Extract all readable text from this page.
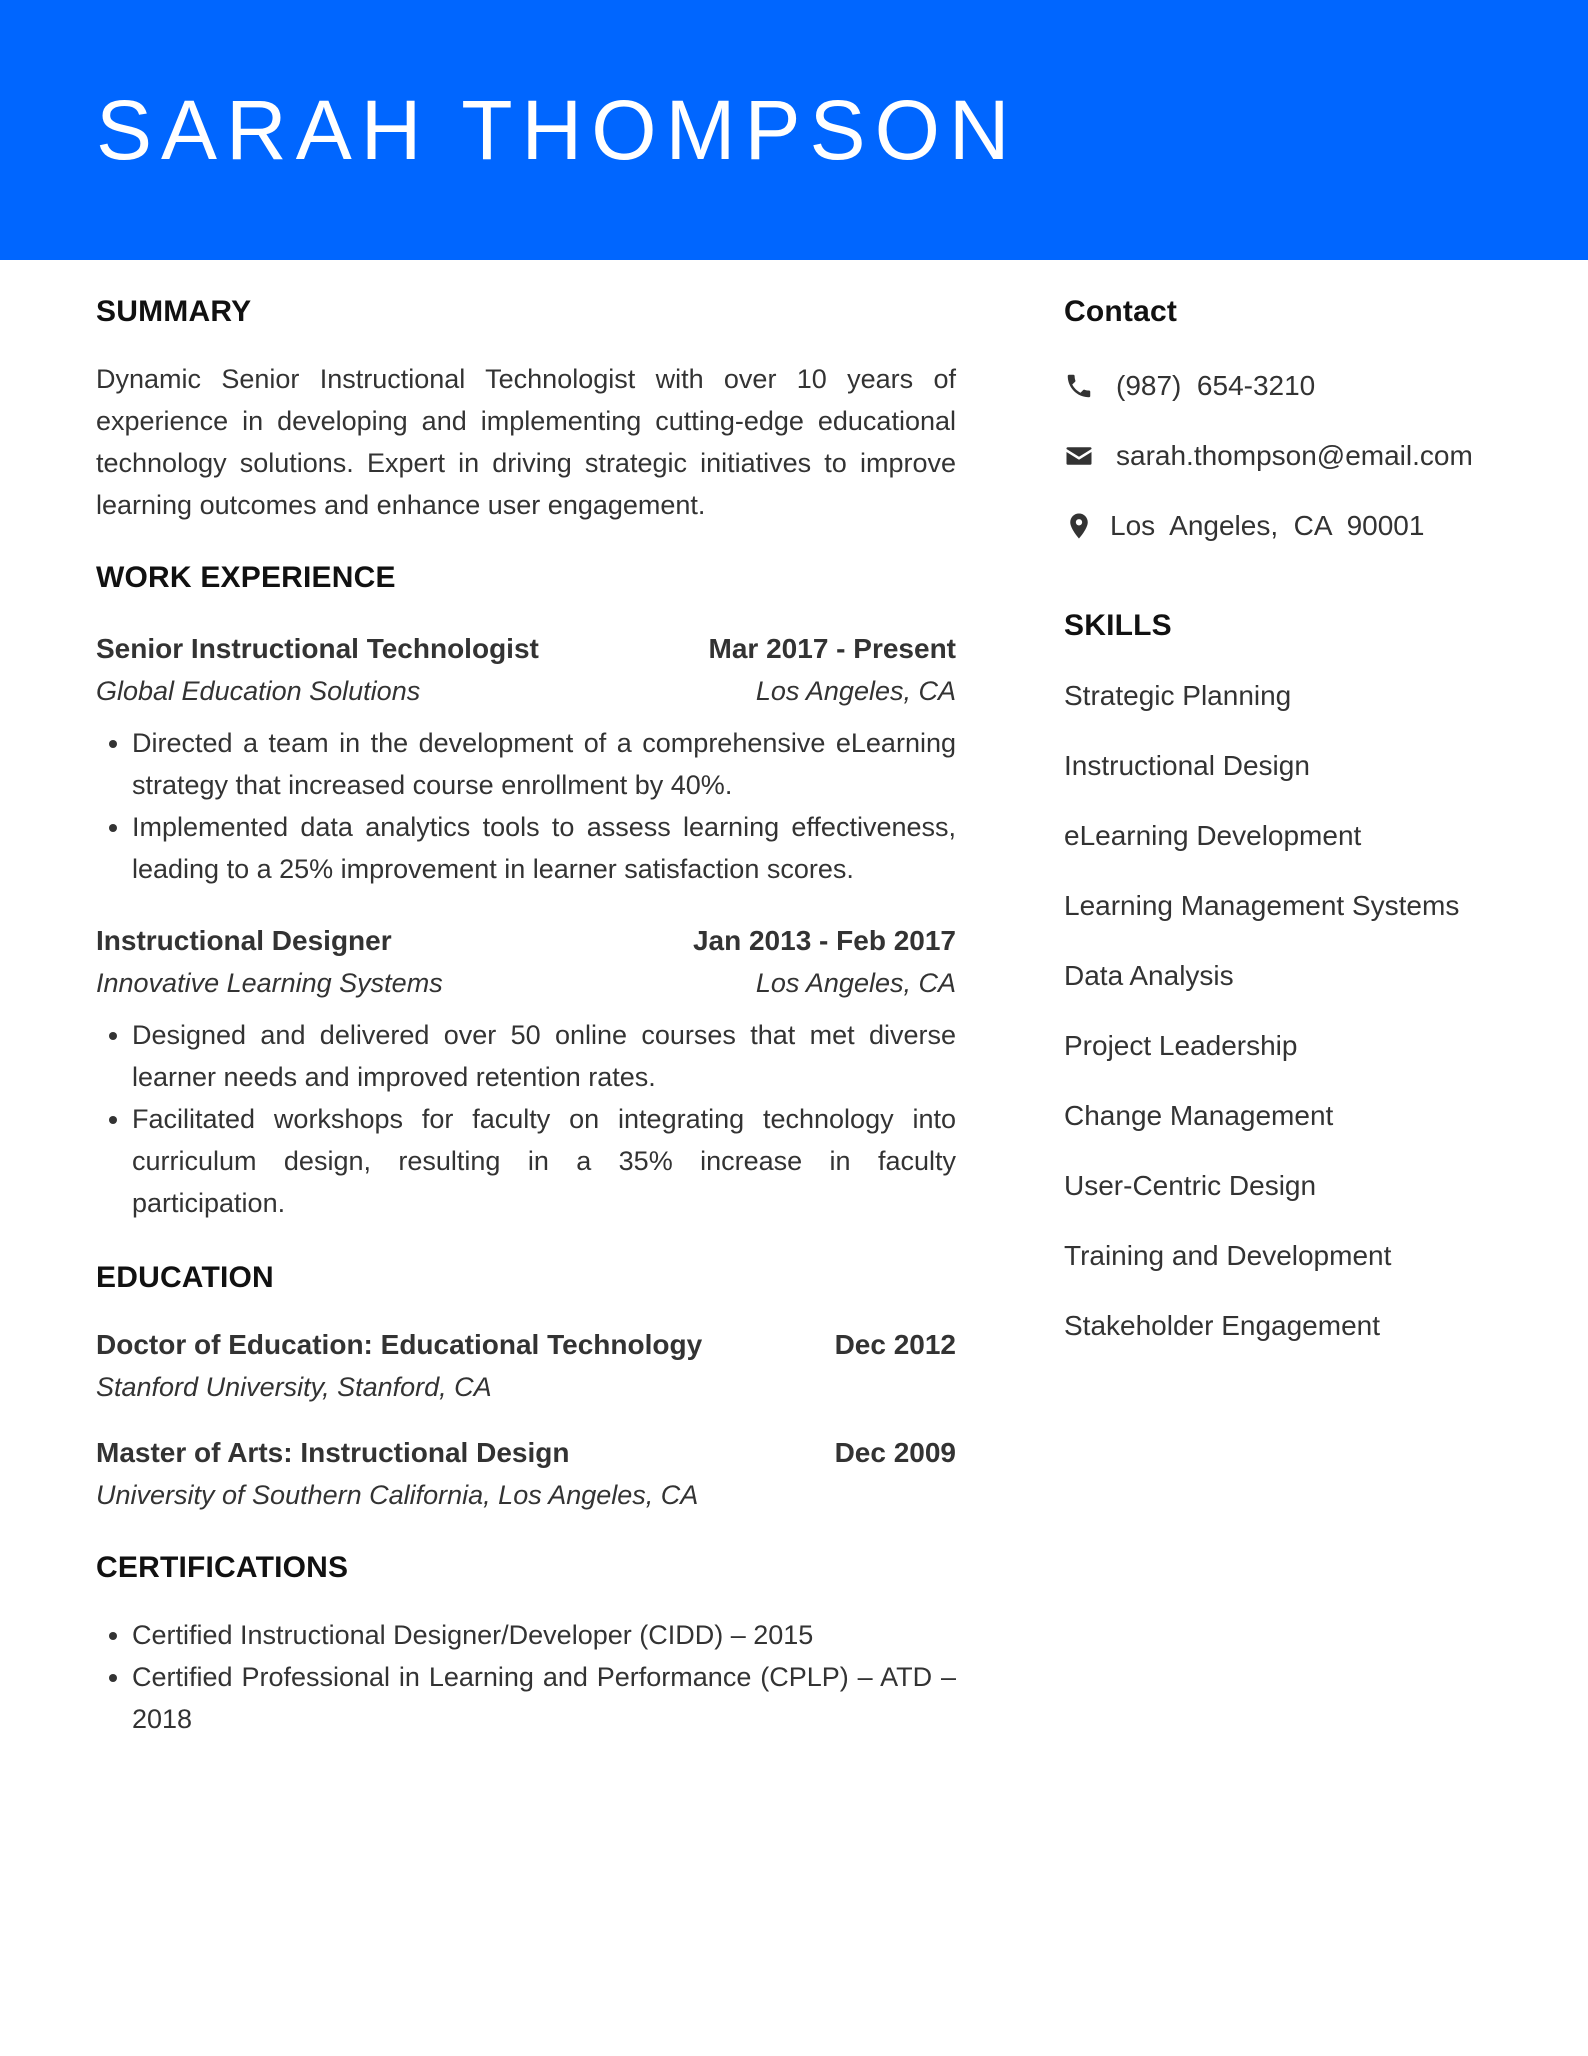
SARAH THOMPSON
SUMMARY

Dynamic Senior Instructional Technologist with over 10 years of experience in developing and implementing cutting-edge educational technology solutions. Expert in driving strategic initiatives to improve learning outcomes and enhance user engagement.

WORK EXPERIENCE
Senior Instructional Technologist	Mar 2017 - Present
Global Education Solutions	Los Angeles, CA
• Directed a team in the development of a comprehensive eLearning strategy that increased course enrollment by 40%.
• Implemented data analytics tools to assess learning effectiveness, leading to a 25% improvement in learner satisfaction scores.
Instructional Designer	Jan 2013 - Feb 2017
Innovative Learning Systems	Los Angeles, CA
• Designed and delivered over 50 online courses that met diverse learner needs and improved retention rates.
• Facilitated workshops for faculty on integrating technology into curriculum design, resulting in a 35% increase in faculty participation.
EDUCATION
Doctor of Education: Educational Technology	Dec 2012
Stanford University, Stanford, CA
Master of Arts: Instructional Design	Dec 2009
University of Southern California, Los Angeles, CA
CERTIFICATIONS
• Certified Instructional Designer/Developer (CIDD) – 2015
• Certified Professional in Learning and Performance (CPLP) – ATD – 2018
Contact
(987)  654-3210
sarah.thompson@email.com
Los  Angeles,  CA  90001
SKILLS
Strategic Planning
Instructional Design
eLearning Development
Learning Management Systems
Data Analysis
Project Leadership
Change Management
User-Centric Design
Training and Development
Stakeholder Engagement
